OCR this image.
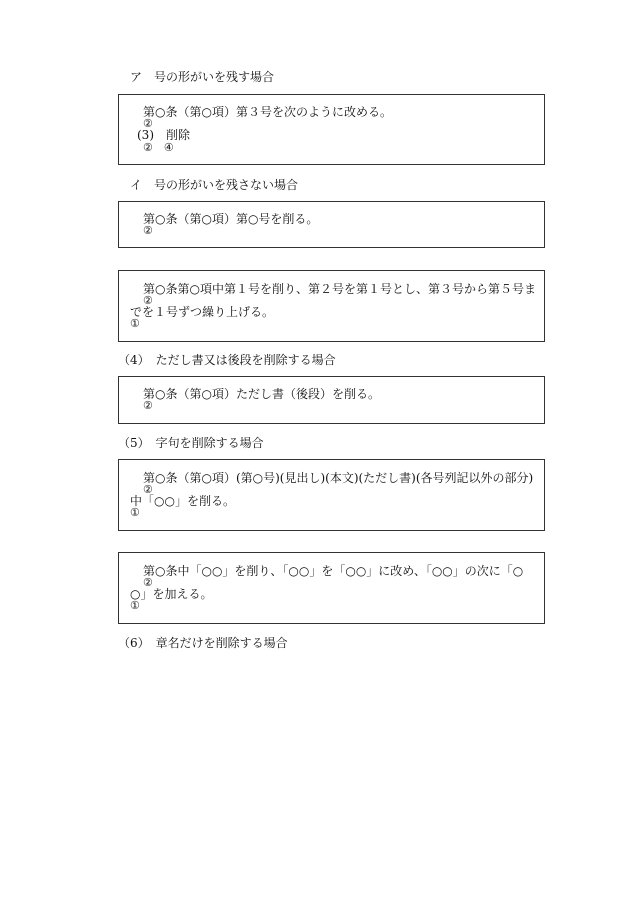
ア　号の形がいを残す場合
第○条（第○項）第３号を次のように改める。
②
(3)　削除
②　④
イ　号の形がいを残さない場合
第○条（第○項）第○号を削る。
②
第○条第○項中第１号を削り、第２号を第１号とし、第３号から第５号ま
②
でを１号ずつ繰り上げる。
①
（4）　ただし書又は後段を削除する場合
第○条（第○項）ただし書（後段）を削る。
②
（5）　字句を削除する場合
第○条（第○項）(第○号)(見出し)(本文)(ただし書)(各号列記以外の部分)
②
中「○○」を削る。
①
第○条中「○○」を削り、「○○」を「○○」に改め、「○○」の次に「○
②
○」を加える。
①
（6）　章名だけを削除する場合
